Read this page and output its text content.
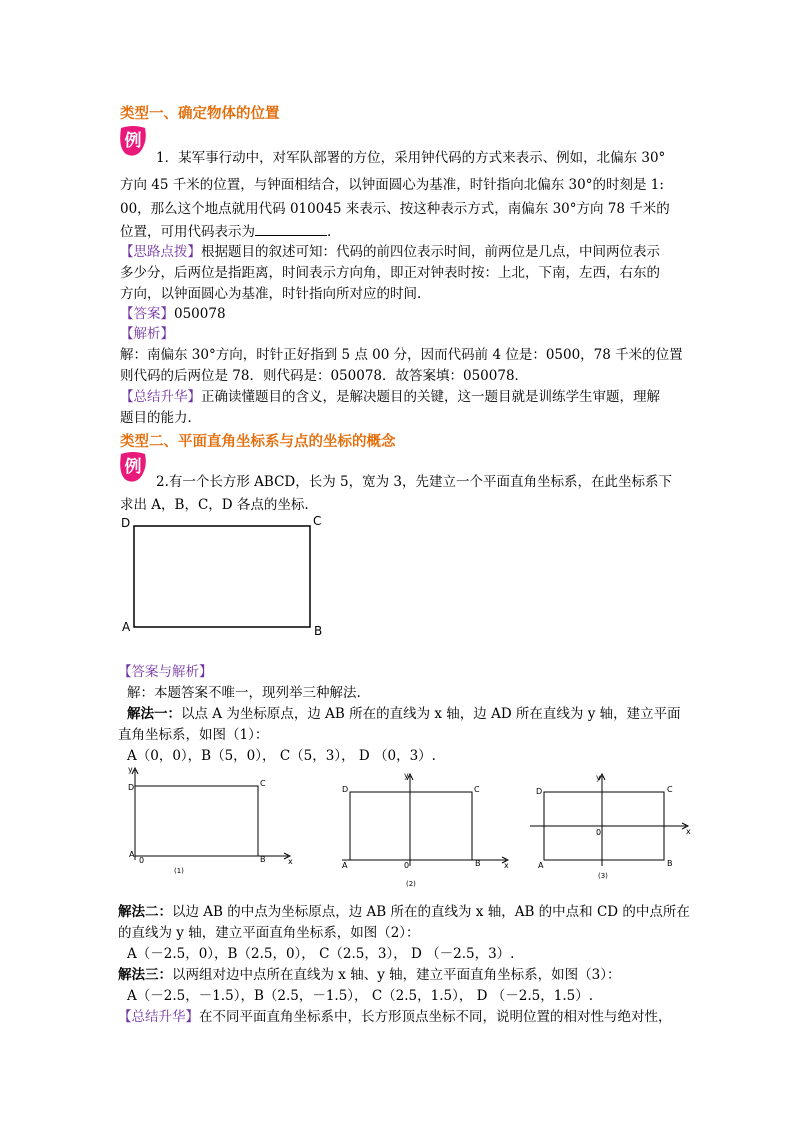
类型一、确定物体的位置
例
1．某军事行动中，对军队部署的方位，采用钟代码的方式来表示、例如，北偏东 30°
方向 45 千米的位置，与钟面相结合，以钟面圆心为基准，时针指向北偏东 30°的时刻是 1:
00，那么这个地点就用代码 010045 来表示、按这种表示方式，南偏东 30°方向 78 千米的
位置，可用代码表示为	.
【思路点拨】根据题目的叙述可知：代码的前四位表示时间，前两位是几点，中间两位表示
多少分，后两位是指距离，时间表示方向角，即正对钟表时按：上北，下南，左西，右东的
方向，以钟面圆心为基准，时针指向所对应的时间.
【答案】050078
【解析】
解：南偏东 30°方向，时针正好指到 5 点 00 分，因而代码前 4 位是：0500，78 千米的位置
则代码的后两位是 78．则代码是：050078．故答案填：050078．
【总结升华】正确读懂题目的含义，是解决题目的关键，这一题目就是训练学生审题，理解
题目的能力．
类型二、平面直角坐标系与点的坐标的概念
例
2.有一个长方形 ABCD，长为 5，宽为 3，先建立一个平面直角坐标系，在此坐标系下
求出 A，B，C，D 各点的坐标.
D	C
A	B
【答案与解析】
解：本题答案不唯一，现列举三种解法.
解法一：以点 A 为坐标原点，边 AB 所在的直线为 x 轴，边 AD 所在直线为 y 轴，建立平面
直角坐标系，如图（1）：
A（0，0），B（5，0）， C（5，3）， D （0，3）.
y
x
D	C
A
0	B
(1)
y
x
D	C
A	0	B
(2)
y
x
D	C
A
0
B
(3)
解法二：以边 AB 的中点为坐标原点，边 AB 所在的直线为 x 轴，AB 的中点和 CD 的中点所在
的直线为 y 轴，建立平面直角坐标系，如图（2）：
A（－2.5，0），B（2.5，0）， C（2.5，3）， D （－2.5，3）.
解法三：以两组对边中点所在直线为 x 轴、y 轴，建立平面直角坐标系，如图（3）：
A（－2.5，－1.5），B（2.5，－1.5）， C（2.5，1.5）， D （－2.5，1.5）.
【总结升华】在不同平面直角坐标系中，长方形顶点坐标不同，说明位置的相对性与绝对性，
